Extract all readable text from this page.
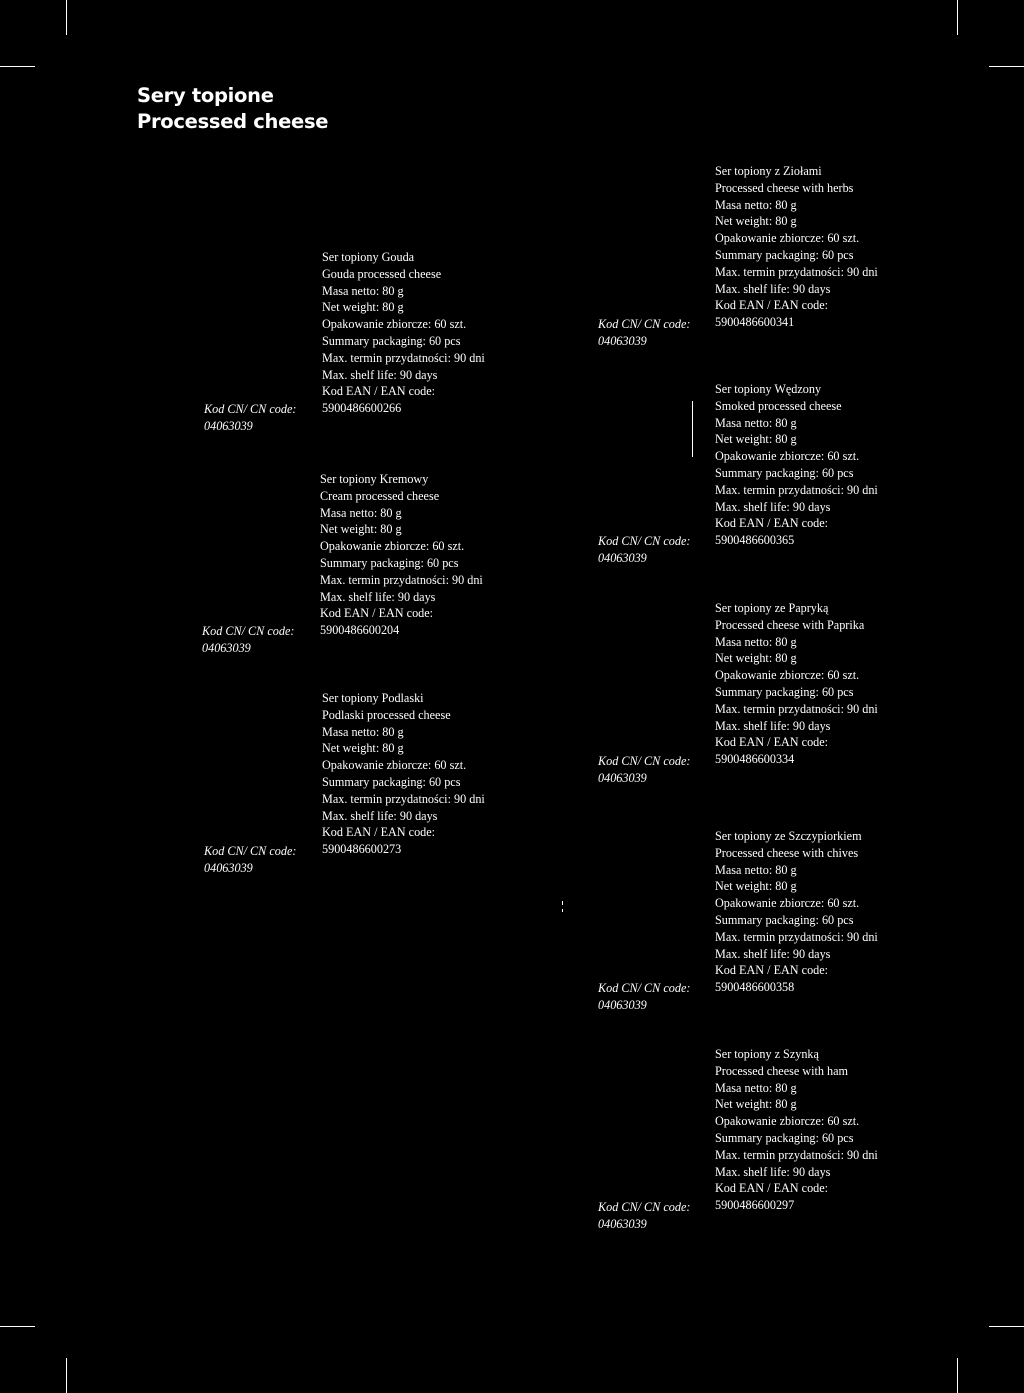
Sery topione
Processed cheese
Ser topiony Gouda
Gouda processed cheese
Masa netto: 80 g
Net weight: 80 g
Opakowanie zbiorcze: 60 szt.
Summary packaging: 60 pcs
Max. termin przydatności: 90 dni
Max. shelf life: 90 days
Kod EAN / EAN code:
5900486600266
Kod CN/ CN code:
04063039
Ser topiony Kremowy
Cream processed cheese
Masa netto: 80 g
Net weight: 80 g
Opakowanie zbiorcze: 60 szt.
Summary packaging: 60 pcs
Max. termin przydatności: 90 dni
Max. shelf life: 90 days
Kod EAN / EAN code:
5900486600204
Kod CN/ CN code:
04063039
Ser topiony Podlaski
Podlaski processed cheese
Masa netto: 80 g
Net weight: 80 g
Opakowanie zbiorcze: 60 szt.
Summary packaging: 60 pcs
Max. termin przydatności: 90 dni
Max. shelf life: 90 days
Kod EAN / EAN code:
5900486600273
Kod CN/ CN code:
04063039
Ser topiony z Ziołami
Processed cheese with herbs
Masa netto: 80 g
Net weight: 80 g
Opakowanie zbiorcze: 60 szt.
Summary packaging: 60 pcs
Max. termin przydatności: 90 dni
Max. shelf life: 90 days
Kod EAN / EAN code:
5900486600341
Kod CN/ CN code:
04063039
Ser topiony Wędzony
Smoked processed cheese
Masa netto: 80 g
Net weight: 80 g
Opakowanie zbiorcze: 60 szt.
Summary packaging: 60 pcs
Max. termin przydatności: 90 dni
Max. shelf life: 90 days
Kod EAN / EAN code:
5900486600365
Kod CN/ CN code:
04063039
Ser topiony ze Papryką
Processed cheese with Paprika
Masa netto: 80 g
Net weight: 80 g
Opakowanie zbiorcze: 60 szt.
Summary packaging: 60 pcs
Max. termin przydatności: 90 dni
Max. shelf life: 90 days
Kod EAN / EAN code:
5900486600334
Kod CN/ CN code:
04063039
Ser topiony ze Szczypiorkiem
Processed cheese with chives
Masa netto: 80 g
Net weight: 80 g
Opakowanie zbiorcze: 60 szt.
Summary packaging: 60 pcs
Max. termin przydatności: 90 dni
Max. shelf life: 90 days
Kod EAN / EAN code:
5900486600358
Kod CN/ CN code:
04063039
Ser topiony z Szynką
Processed cheese with ham
Masa netto: 80 g
Net weight: 80 g
Opakowanie zbiorcze: 60 szt.
Summary packaging: 60 pcs
Max. termin przydatności: 90 dni
Max. shelf life: 90 days
Kod EAN / EAN code:
5900486600297
Kod CN/ CN code:
04063039
